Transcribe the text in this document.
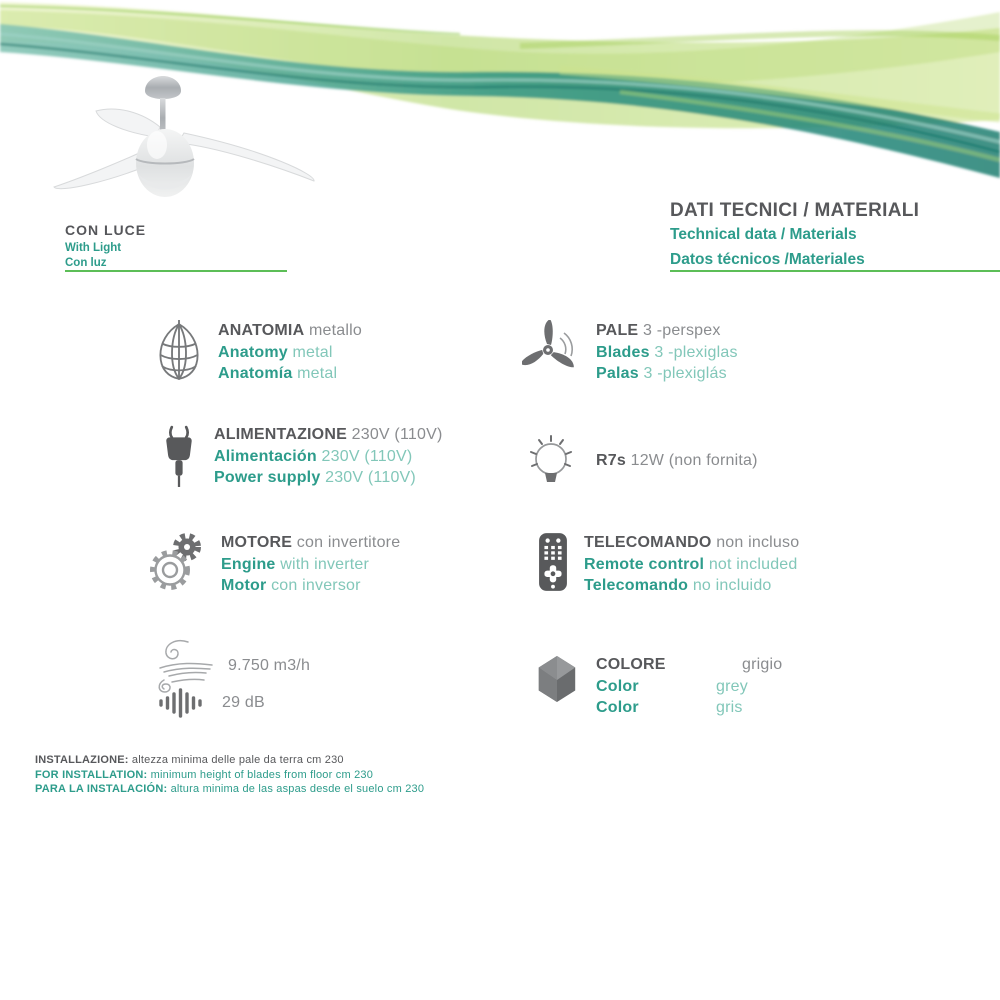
CON LUCE
With Light
Con luz
DATI TECNICI / MATERIALI
Technical data / Materials
Datos técnicos /Materiales
ANATOMIA metallo
Anatomy metal
Anatomía metal
ALIMENTAZIONE 230V (110V)
Alimentación 230V (110V)
Power supply 230V (110V)
MOTORE con invertitore
Engine with inverter
Motor con inversor
9.750 m3/h
29 dB
PALE 3 -perspex
Blades 3 -plexiglas
Palas 3 -plexiglás
R7s 12W (non fornita)
TELECOMANDO non incluso
Remote control not included
Telecomando no incluido
COLORE	grigio
Color	grey
Color	gris
INSTALLAZIONE: altezza minima delle pale da terra cm 230
FOR INSTALLATION: minimum height of blades from floor cm 230
PARA LA INSTALACIÓN: altura minima de las aspas desde el suelo cm 230
